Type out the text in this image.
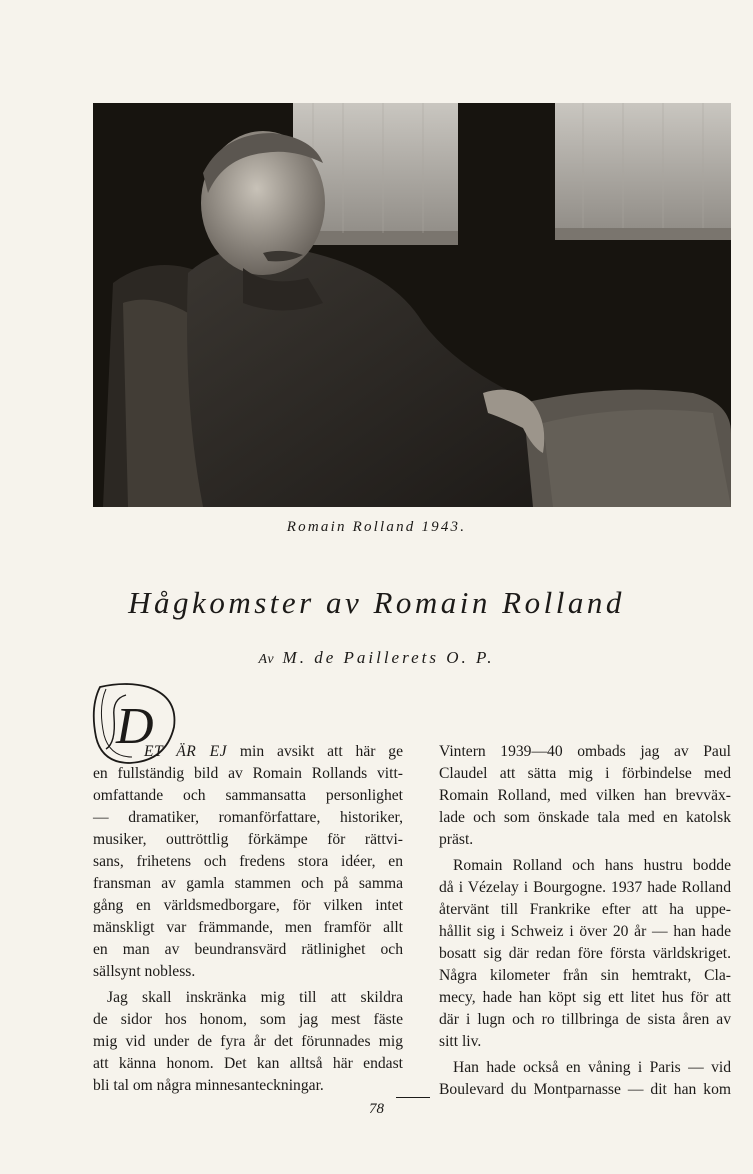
Romain Rolland 1943.
Hågkomster av Romain Rolland
Av M. de Paillerets O. P.
D

ET ÄR EJ min avsikt att här ge
en fullständig bild av Romain Rollands vitt-
omfattande och sammansatta personlighet
— dramatiker, romanförfattare, historiker,
musiker, outtröttlig förkämpe för rättvi-
sans, frihetens och fredens stora idéer, en
fransman av gamla stammen och på samma
gång en världsmedborgare, för vilken intet
mänskligt var främmande, men framför allt
en man av beundransvärd rätlinighet och
sällsynt nobless.

Jag skall inskränka mig till att skildra
de sidor hos honom, som jag mest fäste
mig vid under de fyra år det förunnades mig
att känna honom. Det kan alltså här endast
bli tal om några minnesanteckningar.

Vintern 1939—40 ombads jag av Paul
Claudel att sätta mig i förbindelse med
Romain Rolland, med vilken han brevväx-
lade och som önskade tala med en katolsk
präst.

Romain Rolland och hans hustru bodde
då i Vézelay i Bourgogne. 1937 hade Rolland
återvänt till Frankrike efter att ha uppe-
hållit sig i Schweiz i över 20 år — han hade
bosatt sig där redan före första världskriget.
Några kilometer från sin hemtrakt, Cla-
mecy, hade han köpt sig ett litet hus för att
där i lugn och ro tillbringa de sista åren av
sitt liv.

Han hade också en våning i Paris — vid
Boulevard du Montparnasse — dit han kom

78
